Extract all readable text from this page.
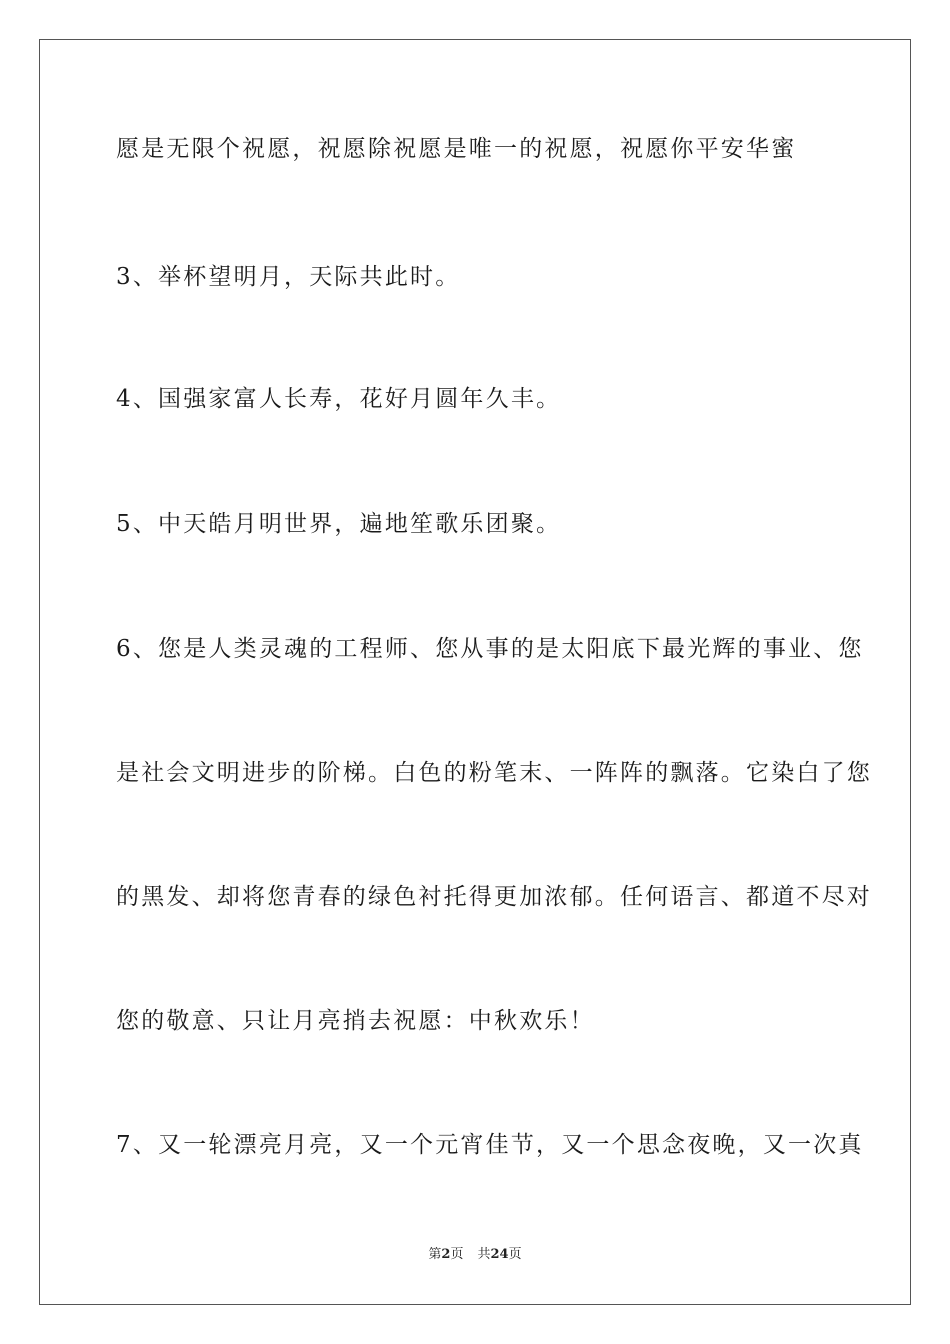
愿是无限个祝愿，祝愿除祝愿是唯一的祝愿，祝愿你平安华蜜
3、举杯望明月，天际共此时。
4、国强家富人长寿，花好月圆年久丰。
5、中天皓月明世界，遍地笙歌乐团聚。
6、您是人类灵魂的工程师、您从事的是太阳底下最光辉的事业、您
是社会文明进步的阶梯。白色的粉笔末、一阵阵的飘落。它染白了您
的黑发、却将您青春的绿色衬托得更加浓郁。任何语言、都道不尽对
您的敬意、只让月亮捎去祝愿：中秋欢乐！
7、又一轮漂亮月亮，又一个元宵佳节，又一个思念夜晚，又一次真
第2页 共24页
